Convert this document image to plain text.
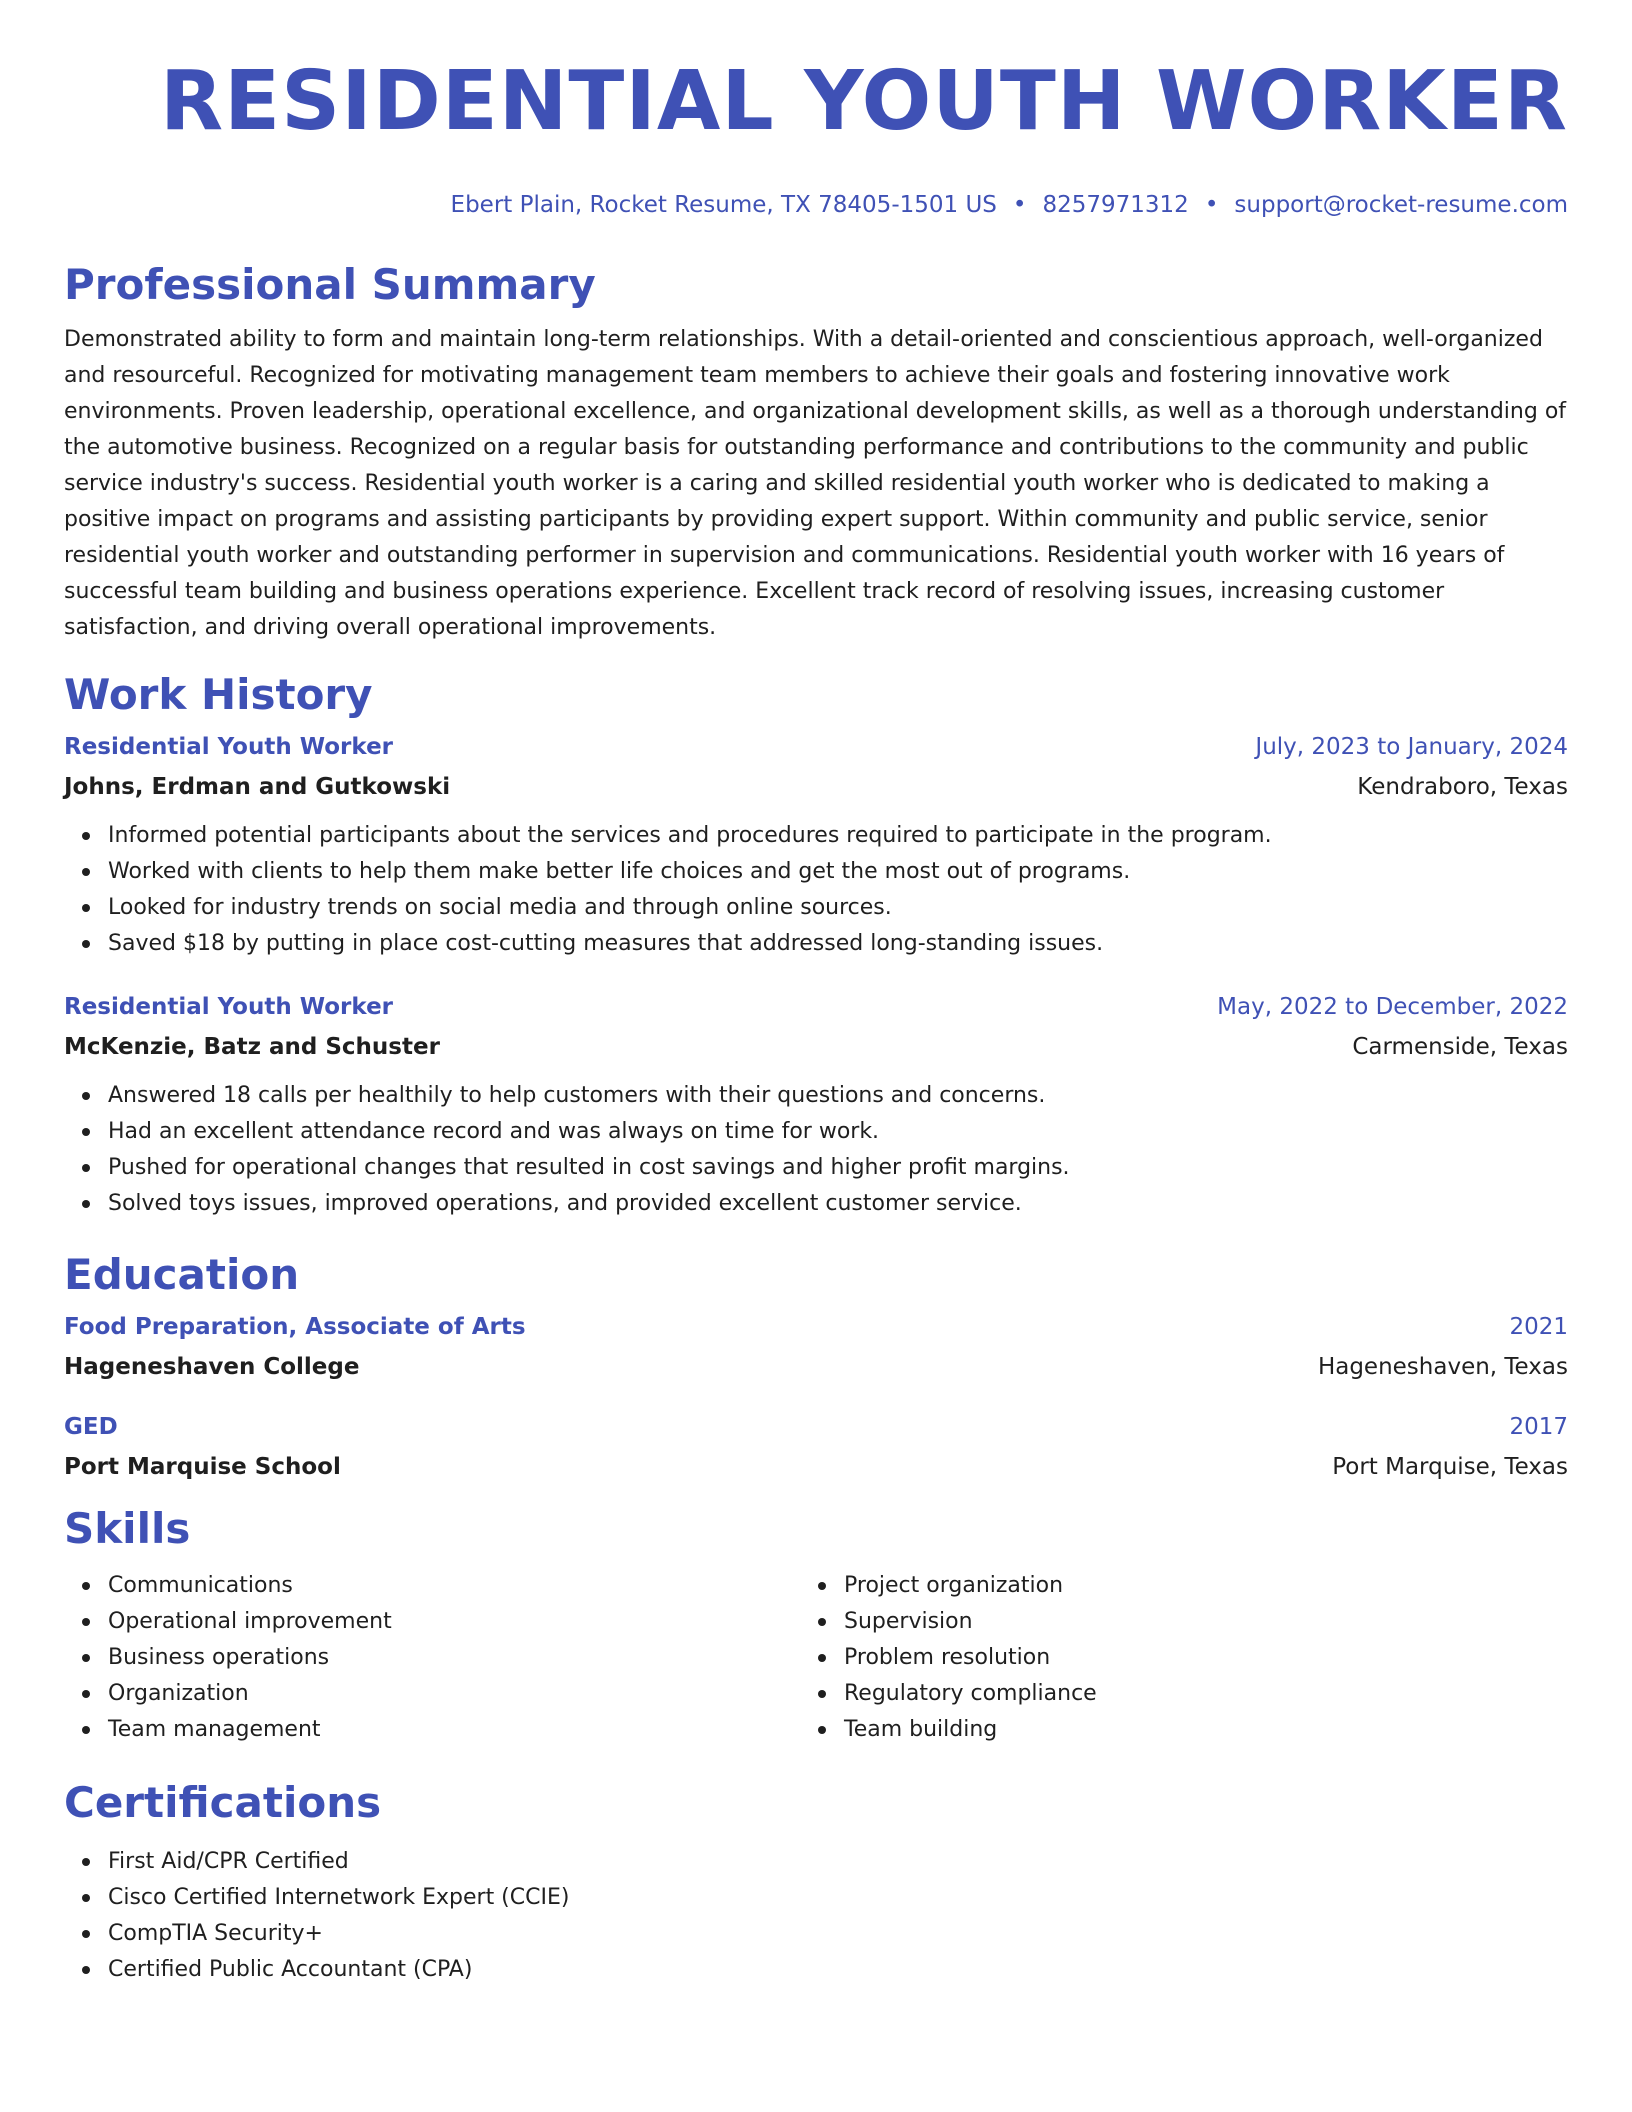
RESIDENTIAL YOUTH WORKER
Ebert Plain, Rocket Resume, TX 78405-1501 US • 8257971312 • support@rocket-resume.com
Professional Summary
Demonstrated ability to form and maintain long-term relationships. With a detail-oriented and conscientious approach, well-organized and resourceful. Recognized for motivating management team members to achieve their goals and fostering innovative work environments. Proven leadership, operational excellence, and organizational development skills, as well as a thorough understanding of the automotive business. Recognized on a regular basis for outstanding performance and contributions to the community and public service industry's success. Residential youth worker is a caring and skilled residential youth worker who is dedicated to making a positive impact on programs and assisting participants by providing expert support. Within community and public service, senior residential youth worker and outstanding performer in supervision and communications. Residential youth worker with 16 years of successful team building and business operations experience. Excellent track record of resolving issues, increasing customer satisfaction, and driving overall operational improvements.
Work History
Residential Youth Worker	July, 2023 to January, 2024
Johns, Erdman and Gutkowski	Kendraboro, Texas
Informed potential participants about the services and procedures required to participate in the program.
Worked with clients to help them make better life choices and get the most out of programs.
Looked for industry trends on social media and through online sources.
Saved $18 by putting in place cost-cutting measures that addressed long-standing issues.
Residential Youth Worker	May, 2022 to December, 2022
McKenzie, Batz and Schuster	Carmenside, Texas
Answered 18 calls per healthily to help customers with their questions and concerns.
Had an excellent attendance record and was always on time for work.
Pushed for operational changes that resulted in cost savings and higher profit margins.
Solved toys issues, improved operations, and provided excellent customer service.
Education
Food Preparation, Associate of Arts	2021
Hageneshaven College	Hageneshaven, Texas
GED	2017
Port Marquise School	Port Marquise, Texas
Skills
Communications
Operational improvement
Business operations
Organization
Team management
Project organization
Supervision
Problem resolution
Regulatory compliance
Team building
Certifications
First Aid/CPR Certified
Cisco Certified Internetwork Expert (CCIE)
CompTIA Security+
Certified Public Accountant (CPA)
